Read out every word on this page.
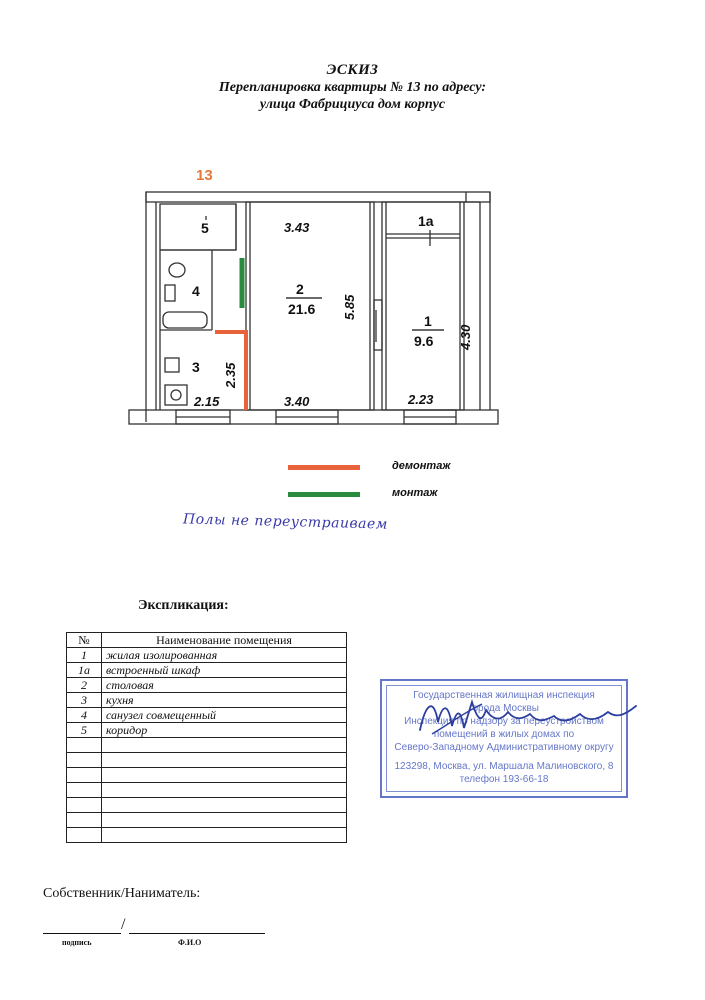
ЭСКИЗ
Перепланировка квартиры № 13 по адресу:
улица Фабрициуса дом корпус
13
5
4
3
2.15
2.35
3.43
2
21.6 5.85
3.40
1а
1
9.6 4.30
2.23
демонтаж
монтаж
Полы не переустраиваем
Экспликация:
№	Наименование помещения
1	жилая изолированная
1а	встроенный шкаф
2	столовая
3	кухня
4	санузел совмещенный
5	коридор

Государственная жилищная инспекция
города Москвы
Инспекция по надзору за переустройством
помещений в жилых домах по
Северо-Западному Административному округу
123298, Москва, ул. Маршала Малиновского, 8
телефон 193-66-18
Собственник/Наниматель:
/
подпись	Ф.И.О
